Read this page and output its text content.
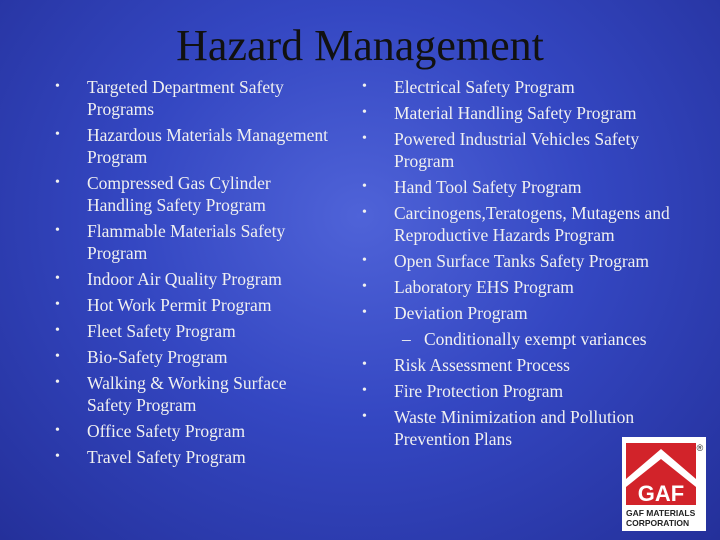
Hazard Management
• Targeted Department Safety Programs
• Hazardous Materials Management Program
• Compressed Gas Cylinder Handling Safety Program
• Flammable Materials Safety Program
• Indoor Air Quality Program
• Hot Work Permit Program
• Fleet Safety Program
• Bio-Safety Program
• Walking & Working Surface Safety Program
• Office Safety Program
• Travel Safety Program
• Electrical Safety Program
• Material Handling Safety Program
• Powered Industrial Vehicles Safety Program
• Hand Tool Safety Program
• Carcinogens,Teratogens, Mutagens and Reproductive Hazards Program
• Open Surface Tanks Safety Program
• Laboratory EHS Program
• Deviation Program
– Conditionally exempt variances
• Risk Assessment Process
• Fire Protection Program
• Waste Minimization and Pollution Prevention Plans
GAF
®
GAF MATERIALS
CORPORATION
